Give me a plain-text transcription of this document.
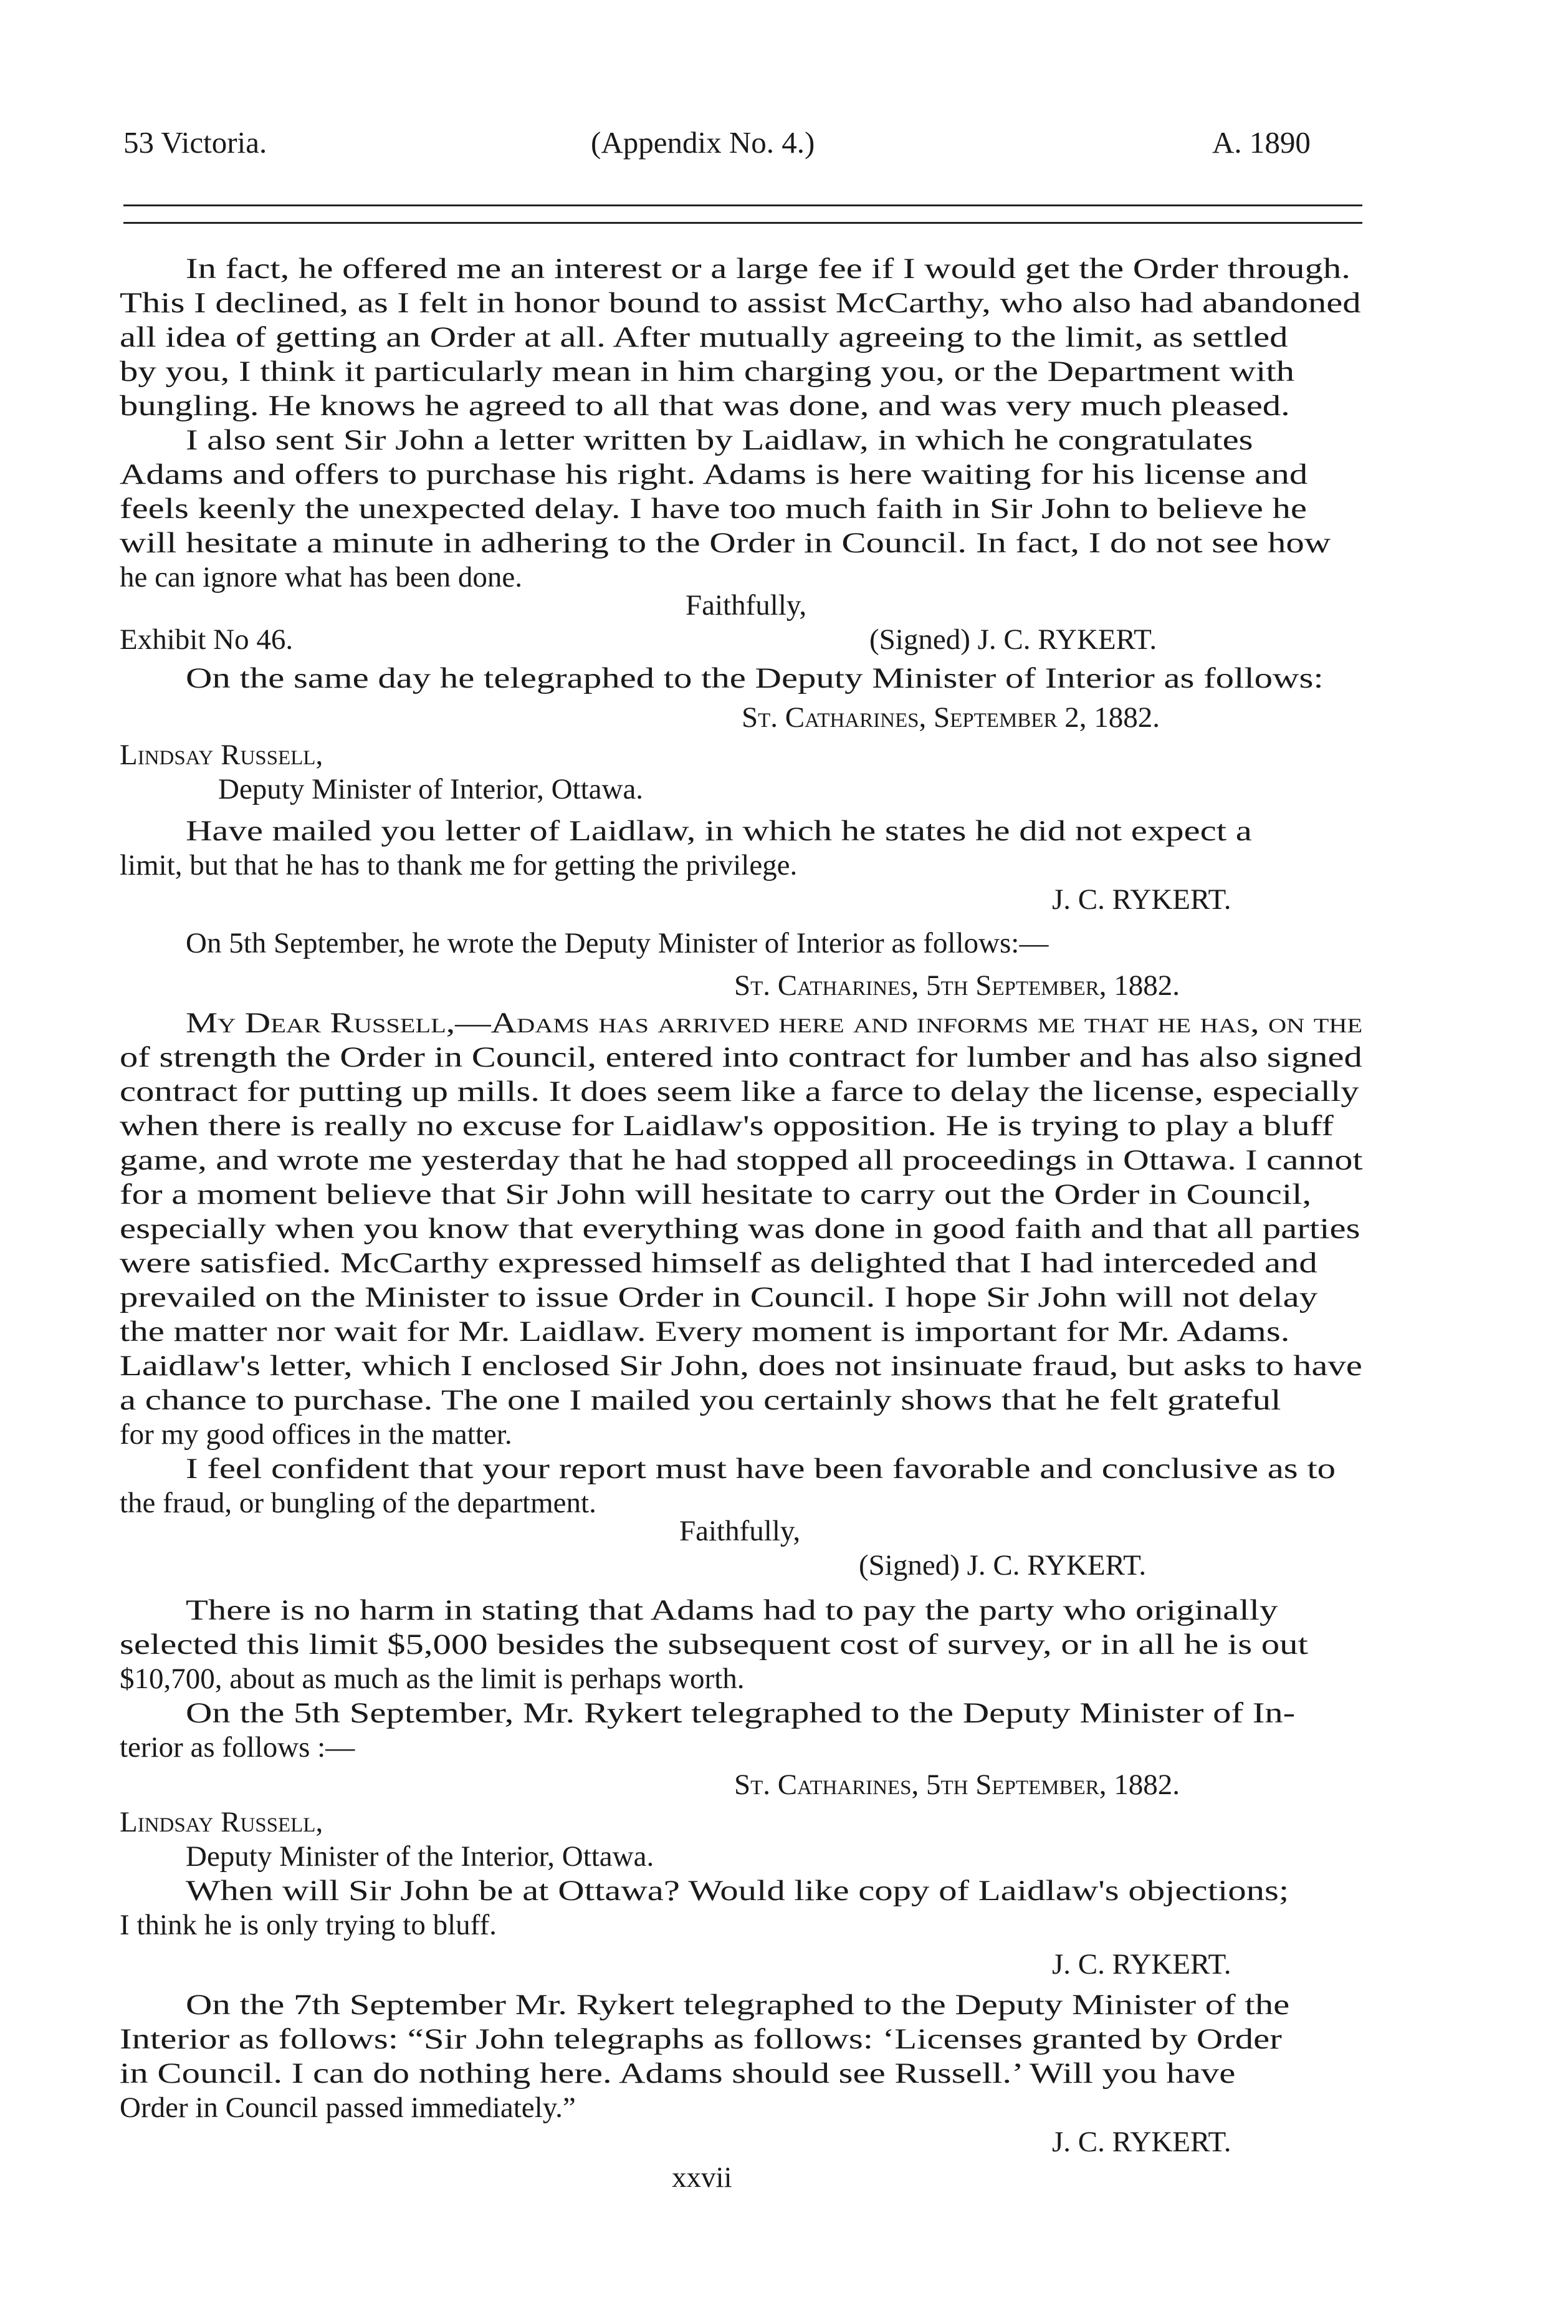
53 Victoria.	(Appendix No. 4.)	A. 1890
In fact, he offered me an interest or a large fee if I would get the Order through.
This I declined, as I felt in honor bound to assist McCarthy, who also had abandoned
all idea of getting an Order at all. After mutually agreeing to the limit, as settled
by you, I think it particularly mean in him charging you, or the Department with
bungling. He knows he agreed to all that was done, and was very much pleased.
I also sent Sir John a letter written by Laidlaw, in which he congratulates
Adams and offers to purchase his right. Adams is here waiting for his license and
feels keenly the unexpected delay. I have too much faith in Sir John to believe he
will hesitate a minute in adhering to the Order in Council. In fact, I do not see how
he can ignore what has been done.
Faithfully,
Exhibit No 46.	(Signed) J. C. RYKERT.
On the same day he telegraphed to the Deputy Minister of Interior as follows:
St. Catharines, September 2, 1882.
Lindsay Russell,
Deputy Minister of Interior, Ottawa.
Have mailed you letter of Laidlaw, in which he states he did not expect a
limit, but that he has to thank me for getting the privilege.
J. C. RYKERT.
On 5th September, he wrote the Deputy Minister of Interior as follows:—
St. Catharines, 5th September, 1882.
My Dear Russell,—Adams has arrived here and informs me that he has, on the
of strength the Order in Council, entered into contract for lumber and has also signed
contract for putting up mills. It does seem like a farce to delay the license, especially
when there is really no excuse for Laidlaw's opposition. He is trying to play a bluff
game, and wrote me yesterday that he had stopped all proceedings in Ottawa. I cannot
for a moment believe that Sir John will hesitate to carry out the Order in Council,
especially when you know that everything was done in good faith and that all parties
were satisfied. McCarthy expressed himself as delighted that I had interceded and
prevailed on the Minister to issue Order in Council. I hope Sir John will not delay
the matter nor wait for Mr. Laidlaw. Every moment is important for Mr. Adams.
Laidlaw's letter, which I enclosed Sir John, does not insinuate fraud, but asks to have
a chance to purchase. The one I mailed you certainly shows that he felt grateful
for my good offices in the matter.
I feel confident that your report must have been favorable and conclusive as to
the fraud, or bungling of the department.
Faithfully,
(Signed) J. C. RYKERT.
There is no harm in stating that Adams had to pay the party who originally
selected this limit $5,000 besides the subsequent cost of survey, or in all he is out
$10,700, about as much as the limit is perhaps worth.
On the 5th September, Mr. Rykert telegraphed to the Deputy Minister of In-
terior as follows :—
St. Catharines, 5th September, 1882.
Lindsay Russell,
Deputy Minister of the Interior, Ottawa.
When will Sir John be at Ottawa? Would like copy of Laidlaw's objections;
I think he is only trying to bluff.
J. C. RYKERT.
On the 7th September Mr. Rykert telegraphed to the Deputy Minister of the
Interior as follows: “Sir John telegraphs as follows: ‘Licenses granted by Order
in Council. I can do nothing here. Adams should see Russell.’ Will you have
Order in Council passed immediately.”
J. C. RYKERT.
xxvii
